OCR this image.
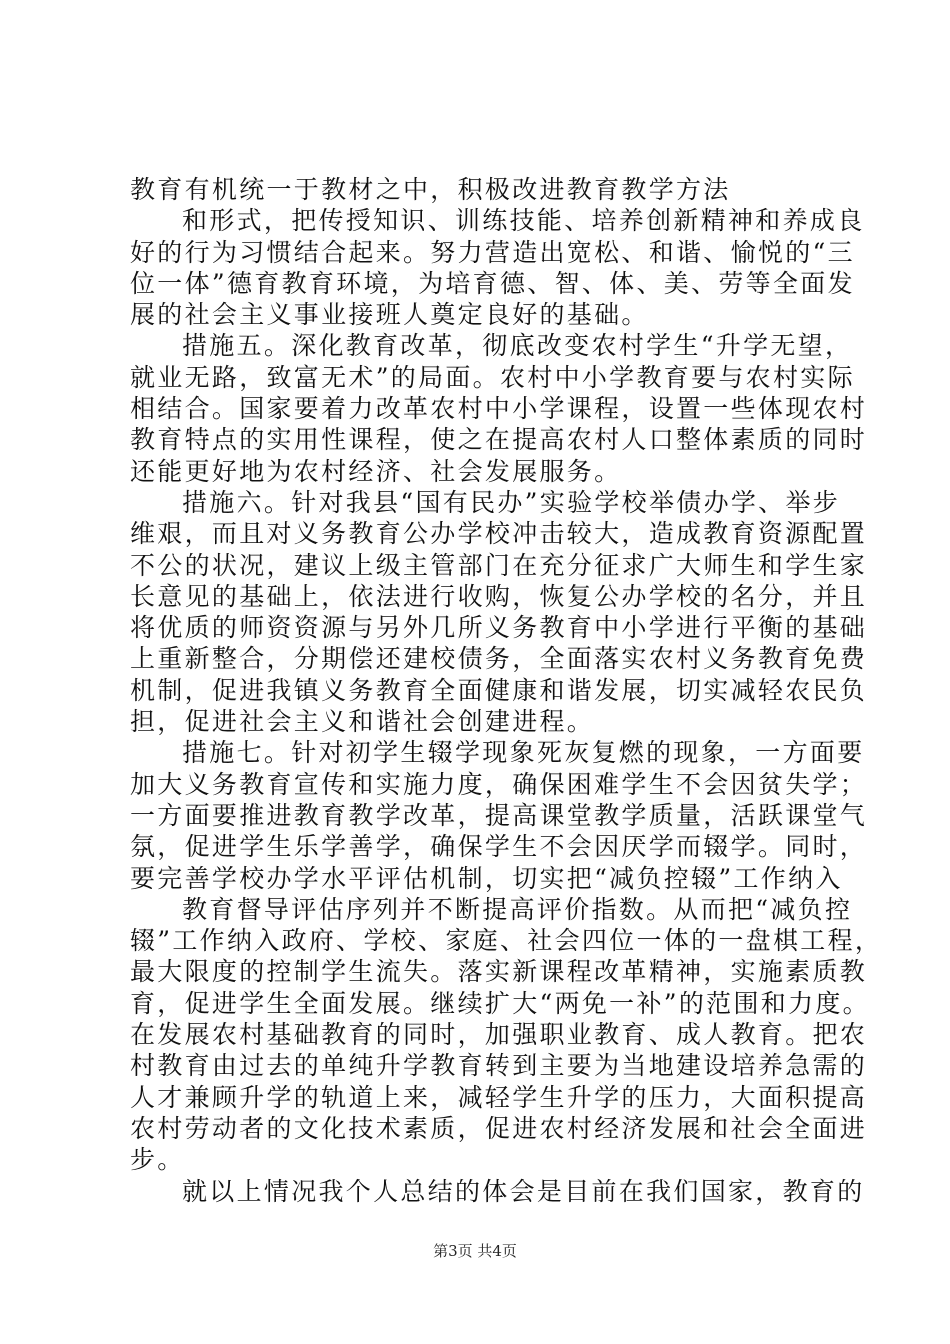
教育有机统一于教材之中，积极改进教育教学方法
和形式，把传授知识、训练技能、培养创新精神和养成良
好的行为习惯结合起来。努力营造出宽松、和谐、愉悦的“三
位一体”德育教育环境，为培育德、智、体、美、劳等全面发
展的社会主义事业接班人奠定良好的基础。
措施五。深化教育改革，彻底改变农村学生“升学无望，
就业无路，致富无术”的局面。农村中小学教育要与农村实际
相结合。国家要着力改革农村中小学课程，设置一些体现农村
教育特点的实用性课程，使之在提高农村人口整体素质的同时
还能更好地为农村经济、社会发展服务。
措施六。针对我县“国有民办”实验学校举债办学、举步
维艰，而且对义务教育公办学校冲击较大，造成教育资源配置
不公的状况，建议上级主管部门在充分征求广大师生和学生家
长意见的基础上，依法进行收购，恢复公办学校的名分，并且
将优质的师资资源与另外几所义务教育中小学进行平衡的基础
上重新整合，分期偿还建校债务，全面落实农村义务教育免费
机制，促进我镇义务教育全面健康和谐发展，切实减轻农民负
担，促进社会主义和谐社会创建进程。
措施七。针对初学生辍学现象死灰复燃的现象，一方面要
加大义务教育宣传和实施力度，确保困难学生不会因贫失学；
一方面要推进教育教学改革，提高课堂教学质量，活跃课堂气
氛，促进学生乐学善学，确保学生不会因厌学而辍学。同时，
要完善学校办学水平评估机制，切实把“减负控辍”工作纳入
教育督导评估序列并不断提高评价指数。从而把“减负控
辍”工作纳入政府、学校、家庭、社会四位一体的一盘棋工程，
最大限度的控制学生流失。落实新课程改革精神，实施素质教
育，促进学生全面发展。继续扩大“两免一补”的范围和力度。
在发展农村基础教育的同时，加强职业教育、成人教育。把农
村教育由过去的单纯升学教育转到主要为当地建设培养急需的
人才兼顾升学的轨道上来，减轻学生升学的压力，大面积提高
农村劳动者的文化技术素质，促进农村经济发展和社会全面进
步。
就以上情况我个人总结的体会是目前在我们国家，教育的
第3页 共4页
